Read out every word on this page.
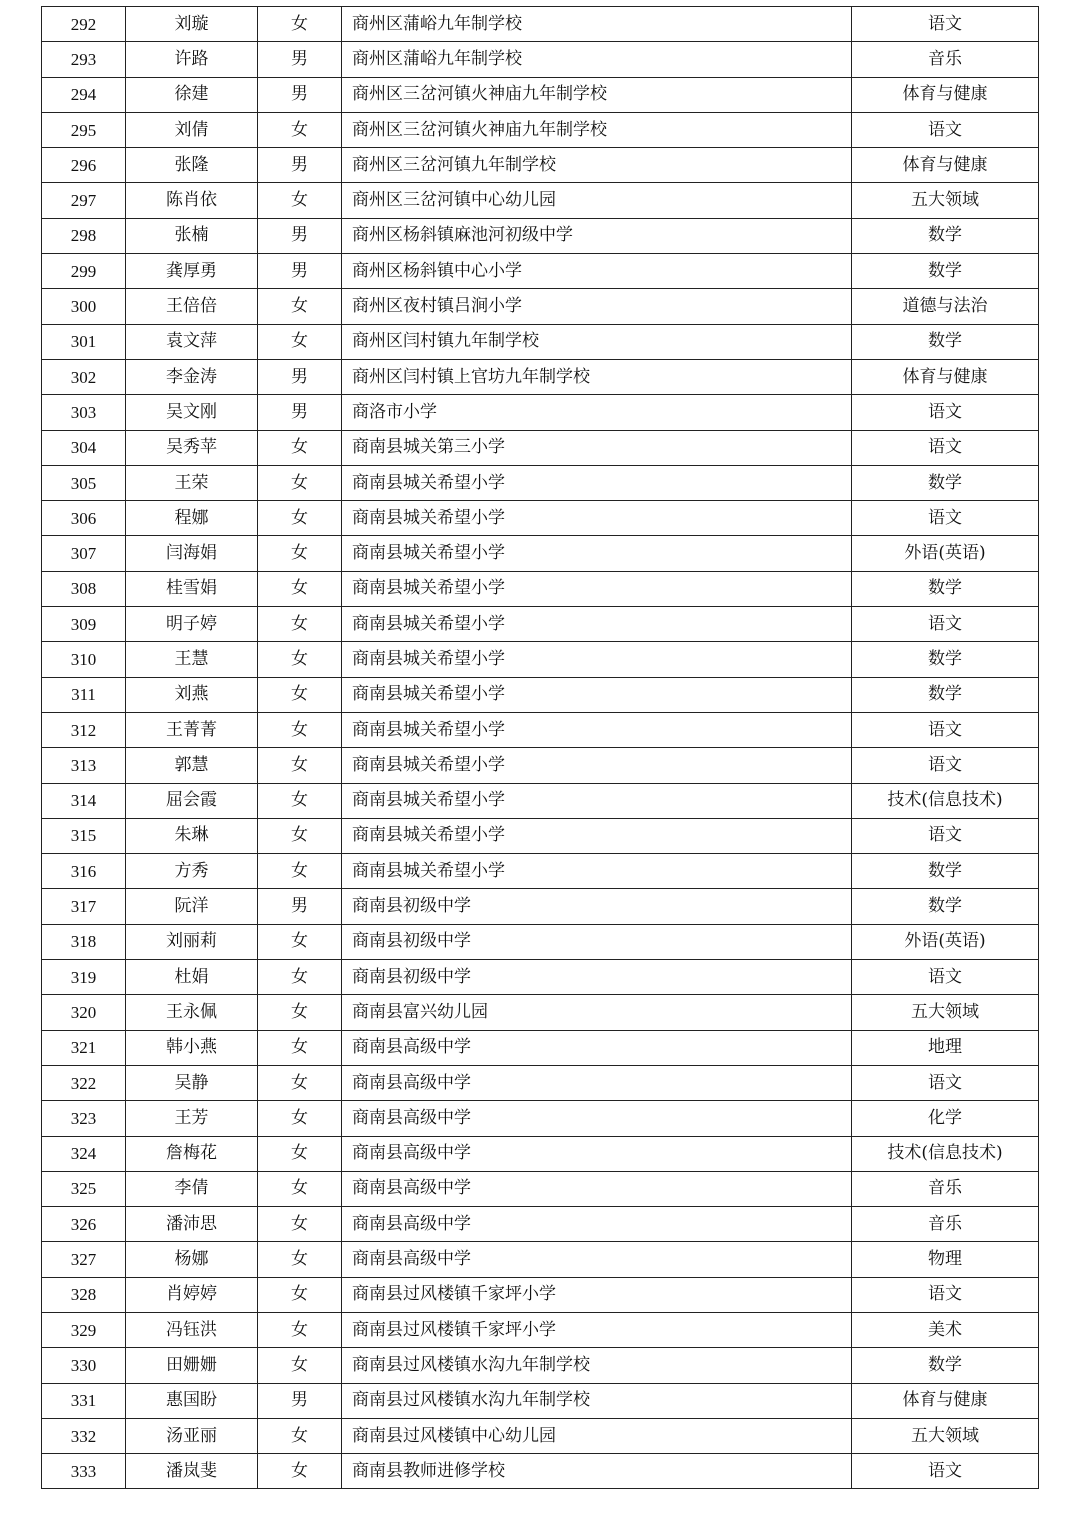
292	刘璇	女	商州区蒲峪九年制学校	语文
293	许路	男	商州区蒲峪九年制学校	音乐
294	徐建	男	商州区三岔河镇火神庙九年制学校	体育与健康
295	刘倩	女	商州区三岔河镇火神庙九年制学校	语文
296	张隆	男	商州区三岔河镇九年制学校	体育与健康
297	陈肖依	女	商州区三岔河镇中心幼儿园	五大领域
298	张楠	男	商州区杨斜镇麻池河初级中学	数学
299	龚厚勇	男	商州区杨斜镇中心小学	数学
300	王倍倍	女	商州区夜村镇吕涧小学	道德与法治
301	袁文萍	女	商州区闫村镇九年制学校	数学
302	李金涛	男	商州区闫村镇上官坊九年制学校	体育与健康
303	吴文刚	男	商洛市小学	语文
304	吴秀苹	女	商南县城关第三小学	语文
305	王荣	女	商南县城关希望小学	数学
306	程娜	女	商南县城关希望小学	语文
307	闫海娟	女	商南县城关希望小学	外语(英语)
308	桂雪娟	女	商南县城关希望小学	数学
309	明子婷	女	商南县城关希望小学	语文
310	王慧	女	商南县城关希望小学	数学
311	刘燕	女	商南县城关希望小学	数学
312	王菁菁	女	商南县城关希望小学	语文
313	郭慧	女	商南县城关希望小学	语文
314	屈会霞	女	商南县城关希望小学	技术(信息技术)
315	朱琳	女	商南县城关希望小学	语文
316	方秀	女	商南县城关希望小学	数学
317	阮洋	男	商南县初级中学	数学
318	刘丽莉	女	商南县初级中学	外语(英语)
319	杜娟	女	商南县初级中学	语文
320	王永佩	女	商南县富兴幼儿园	五大领域
321	韩小燕	女	商南县高级中学	地理
322	吴静	女	商南县高级中学	语文
323	王芳	女	商南县高级中学	化学
324	詹梅花	女	商南县高级中学	技术(信息技术)
325	李倩	女	商南县高级中学	音乐
326	潘沛思	女	商南县高级中学	音乐
327	杨娜	女	商南县高级中学	物理
328	肖婷婷	女	商南县过风楼镇千家坪小学	语文
329	冯钰洪	女	商南县过风楼镇千家坪小学	美术
330	田姗姗	女	商南县过风楼镇水沟九年制学校	数学
331	惠国盼	男	商南县过风楼镇水沟九年制学校	体育与健康
332	汤亚丽	女	商南县过风楼镇中心幼儿园	五大领域
333	潘岚斐	女	商南县教师进修学校	语文
